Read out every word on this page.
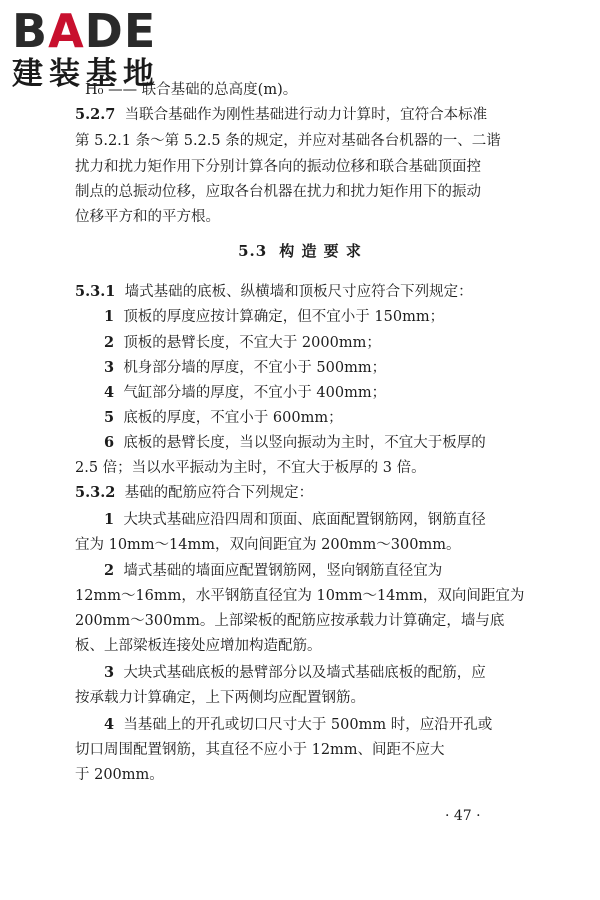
BADE
建装基地
H₀ —— 联合基础的总高度(m)。
5.2.7 当联合基础作为刚性基础进行动力计算时，宜符合本标准
第 5.2.1 条～第 5.2.5 条的规定，并应对基础各台机器的一、二谐
扰力和扰力矩作用下分别计算各向的振动位移和联合基础顶面控
制点的总振动位移，应取各台机器在扰力和扰力矩作用下的振动
位移平方和的平方根。
5.3 构 造 要 求
5.3.1 墙式基础的底板、纵横墙和顶板尺寸应符合下列规定：
1 顶板的厚度应按计算确定，但不宜小于 150mm；
2 顶板的悬臂长度，不宜大于 2000mm；
3 机身部分墙的厚度，不宜小于 500mm；
4 气缸部分墙的厚度，不宜小于 400mm；
5 底板的厚度，不宜小于 600mm；
6 底板的悬臂长度，当以竖向振动为主时，不宜大于板厚的
2.5 倍；当以水平振动为主时，不宜大于板厚的 3 倍。
5.3.2 基础的配筋应符合下列规定：
1 大块式基础应沿四周和顶面、底面配置钢筋网，钢筋直径
宜为 10mm～14mm，双向间距宜为 200mm～300mm。
2 墙式基础的墙面应配置钢筋网，竖向钢筋直径宜为
12mm～16mm，水平钢筋直径宜为 10mm～14mm，双向间距宜为
200mm～300mm。上部梁板的配筋应按承载力计算确定，墙与底
板、上部梁板连接处应增加构造配筋。
3 大块式基础底板的悬臂部分以及墙式基础底板的配筋，应
按承载力计算确定，上下两侧均应配置钢筋。
4 当基础上的开孔或切口尺寸大于 500mm 时，应沿开孔或
切口周围配置钢筋，其直径不应小于 12mm、间距不应大
于 200mm。
· 47 ·
